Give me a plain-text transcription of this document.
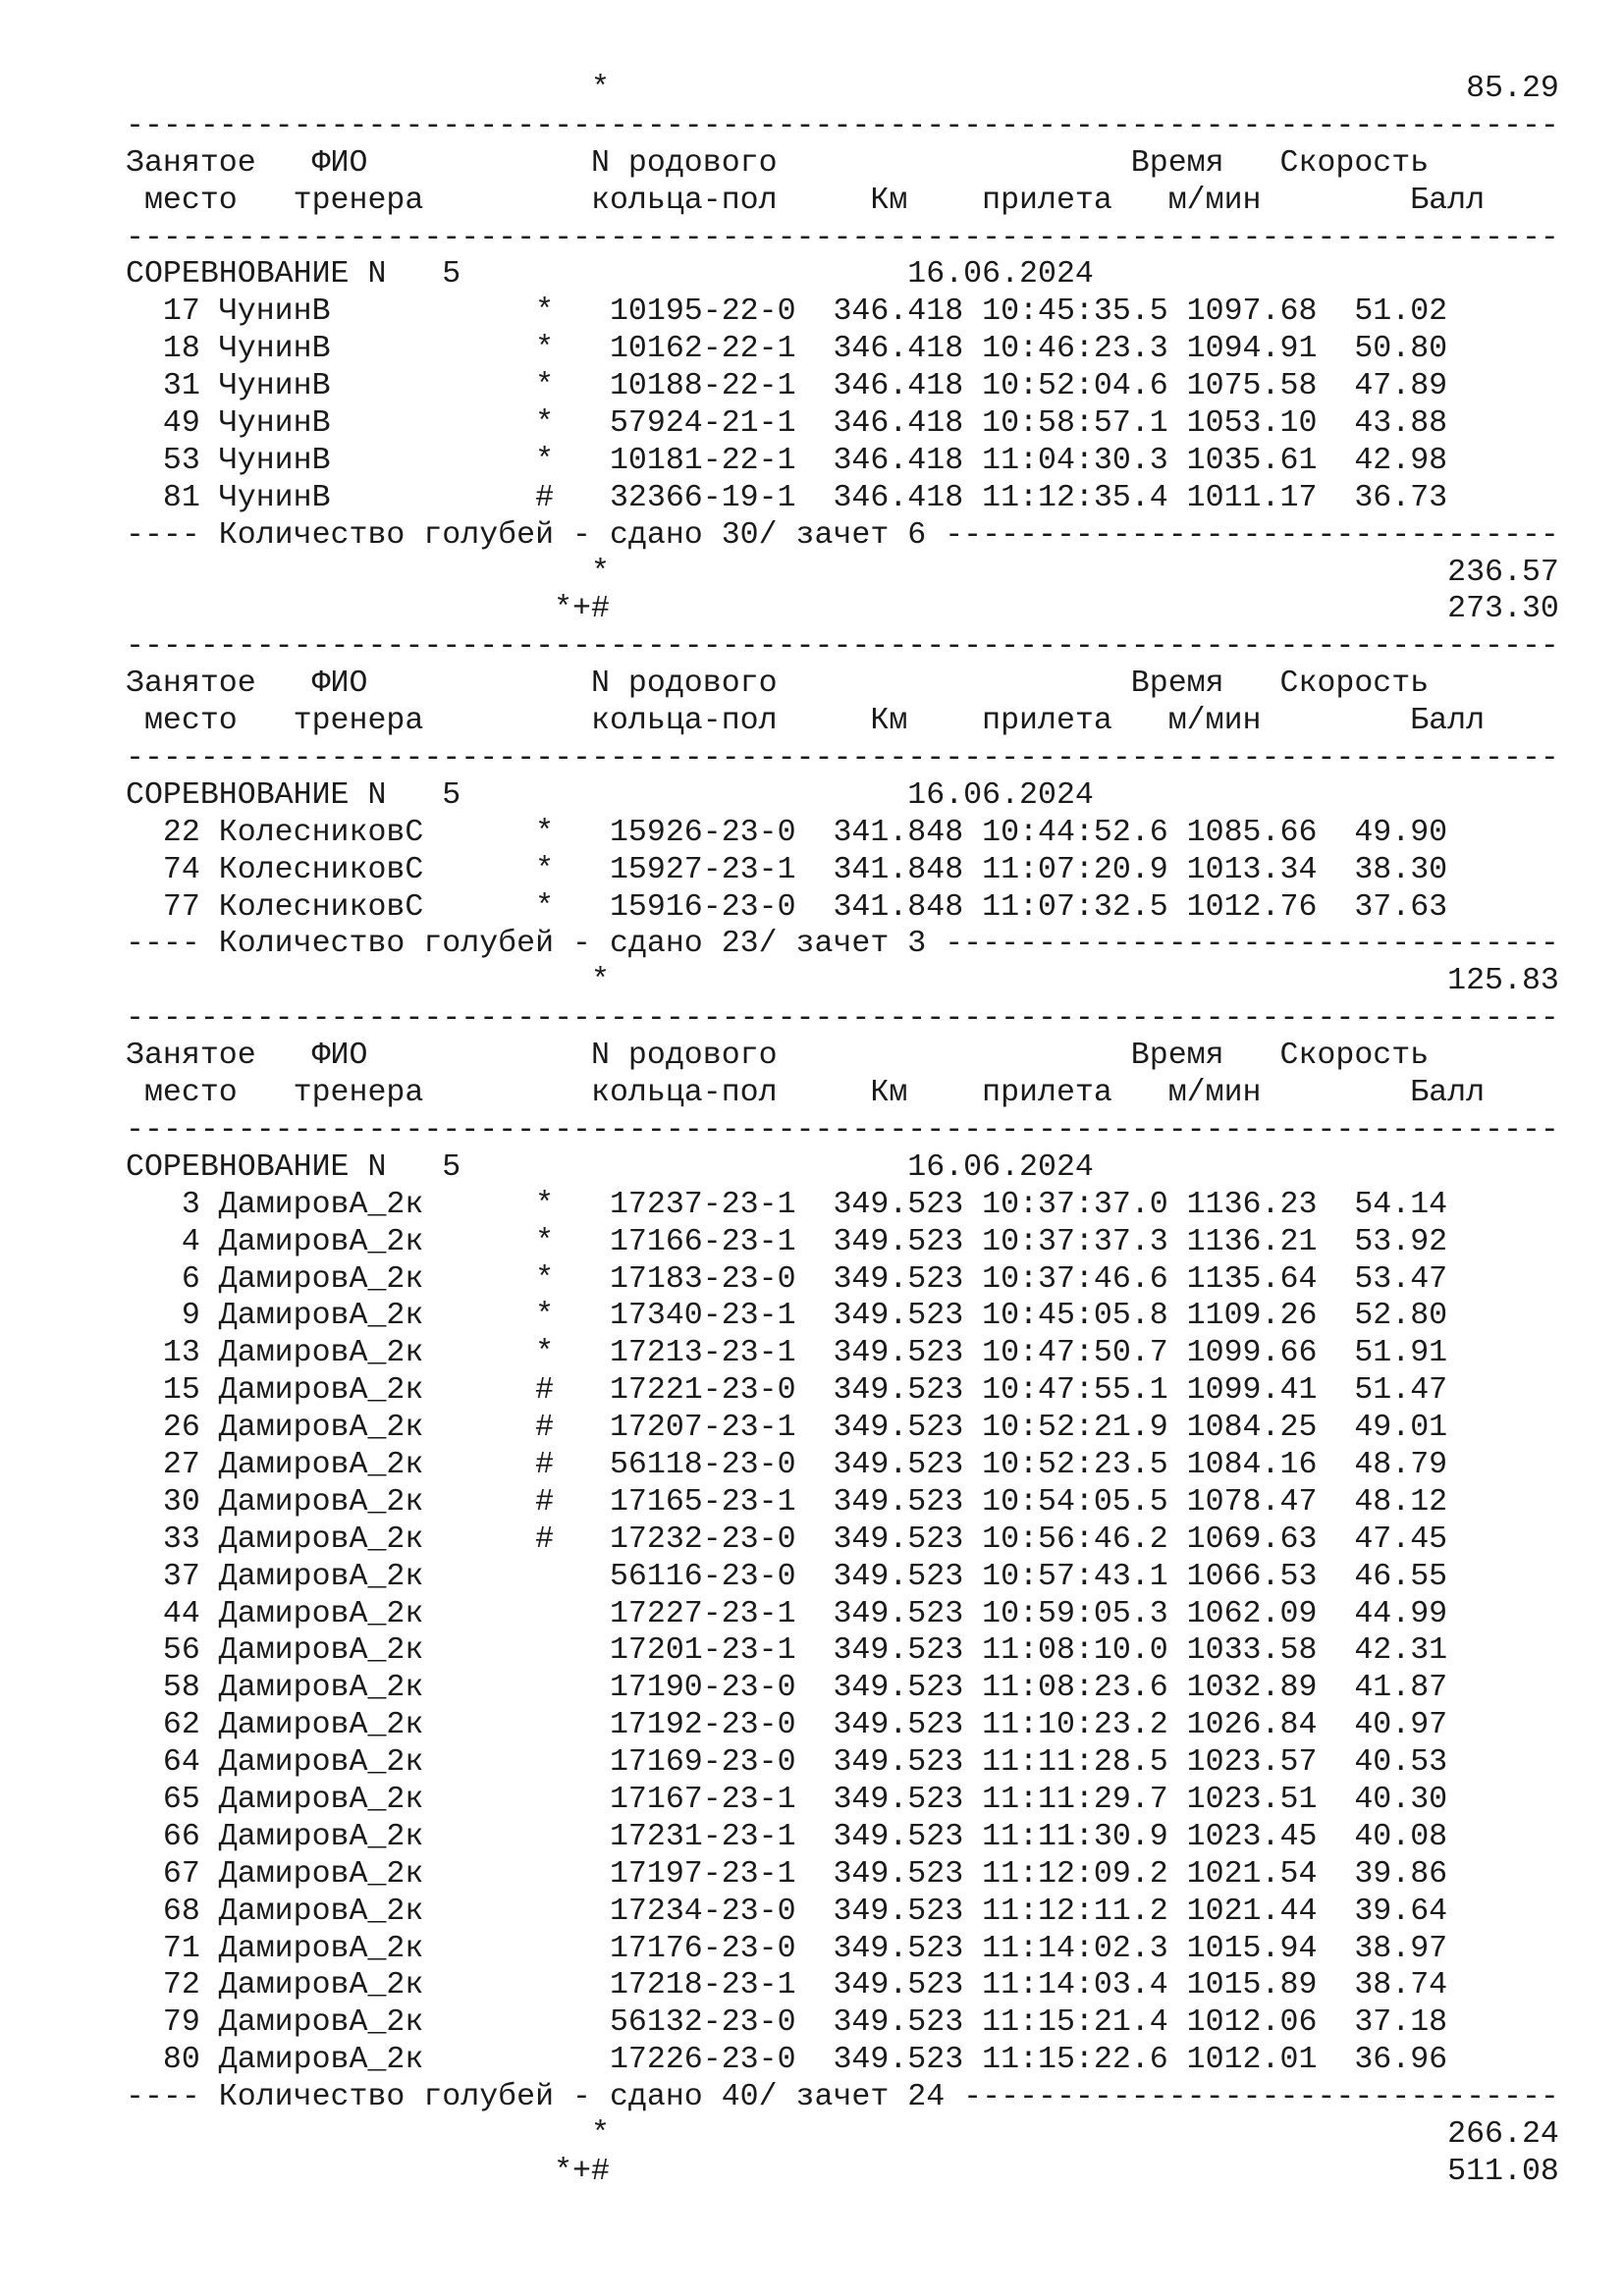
*                                              85.29
-----------------------------------------------------------------------------
Занятое   ФИО            N родового                   Время   Скорость
место   тренера         кольца-пол     Км    прилета   м/мин        Балл
-----------------------------------------------------------------------------
СОРЕВНОВАНИЕ N   5                        16.06.2024
17 ЧунинВ           *   10195-22-0  346.418 10:45:35.5 1097.68  51.02
18 ЧунинВ           *   10162-22-1  346.418 10:46:23.3 1094.91  50.80
31 ЧунинВ           *   10188-22-1  346.418 10:52:04.6 1075.58  47.89
49 ЧунинВ           *   57924-21-1  346.418 10:58:57.1 1053.10  43.88
53 ЧунинВ           *   10181-22-1  346.418 11:04:30.3 1035.61  42.98
81 ЧунинВ           #   32366-19-1  346.418 11:12:35.4 1011.17  36.73
---- Количество голубей - сдано 30/ зачет 6 ---------------------------------
*                                             236.57
*+#                                             273.30
-----------------------------------------------------------------------------
Занятое   ФИО            N родового                   Время   Скорость
место   тренера         кольца-пол     Км    прилета   м/мин        Балл
-----------------------------------------------------------------------------
СОРЕВНОВАНИЕ N   5                        16.06.2024
22 КолесниковС      *   15926-23-0  341.848 10:44:52.6 1085.66  49.90
74 КолесниковС      *   15927-23-1  341.848 11:07:20.9 1013.34  38.30
77 КолесниковС      *   15916-23-0  341.848 11:07:32.5 1012.76  37.63
---- Количество голубей - сдано 23/ зачет 3 ---------------------------------
*                                             125.83
-----------------------------------------------------------------------------
Занятое   ФИО            N родового                   Время   Скорость
место   тренера         кольца-пол     Км    прилета   м/мин        Балл
-----------------------------------------------------------------------------
СОРЕВНОВАНИЕ N   5                        16.06.2024
3 ДамировА_2к      *   17237-23-1  349.523 10:37:37.0 1136.23  54.14
4 ДамировА_2к      *   17166-23-1  349.523 10:37:37.3 1136.21  53.92
6 ДамировА_2к      *   17183-23-0  349.523 10:37:46.6 1135.64  53.47
9 ДамировА_2к      *   17340-23-1  349.523 10:45:05.8 1109.26  52.80
13 ДамировА_2к      *   17213-23-1  349.523 10:47:50.7 1099.66  51.91
15 ДамировА_2к      #   17221-23-0  349.523 10:47:55.1 1099.41  51.47
26 ДамировА_2к      #   17207-23-1  349.523 10:52:21.9 1084.25  49.01
27 ДамировА_2к      #   56118-23-0  349.523 10:52:23.5 1084.16  48.79
30 ДамировА_2к      #   17165-23-1  349.523 10:54:05.5 1078.47  48.12
33 ДамировА_2к      #   17232-23-0  349.523 10:56:46.2 1069.63  47.45
37 ДамировА_2к          56116-23-0  349.523 10:57:43.1 1066.53  46.55
44 ДамировА_2к          17227-23-1  349.523 10:59:05.3 1062.09  44.99
56 ДамировА_2к          17201-23-1  349.523 11:08:10.0 1033.58  42.31
58 ДамировА_2к          17190-23-0  349.523 11:08:23.6 1032.89  41.87
62 ДамировА_2к          17192-23-0  349.523 11:10:23.2 1026.84  40.97
64 ДамировА_2к          17169-23-0  349.523 11:11:28.5 1023.57  40.53
65 ДамировА_2к          17167-23-1  349.523 11:11:29.7 1023.51  40.30
66 ДамировА_2к          17231-23-1  349.523 11:11:30.9 1023.45  40.08
67 ДамировА_2к          17197-23-1  349.523 11:12:09.2 1021.54  39.86
68 ДамировА_2к          17234-23-0  349.523 11:12:11.2 1021.44  39.64
71 ДамировА_2к          17176-23-0  349.523 11:14:02.3 1015.94  38.97
72 ДамировА_2к          17218-23-1  349.523 11:14:03.4 1015.89  38.74
79 ДамировА_2к          56132-23-0  349.523 11:15:21.4 1012.06  37.18
80 ДамировА_2к          17226-23-0  349.523 11:15:22.6 1012.01  36.96
---- Количество голубей - сдано 40/ зачет 24 --------------------------------
*                                             266.24
*+#                                             511.08
